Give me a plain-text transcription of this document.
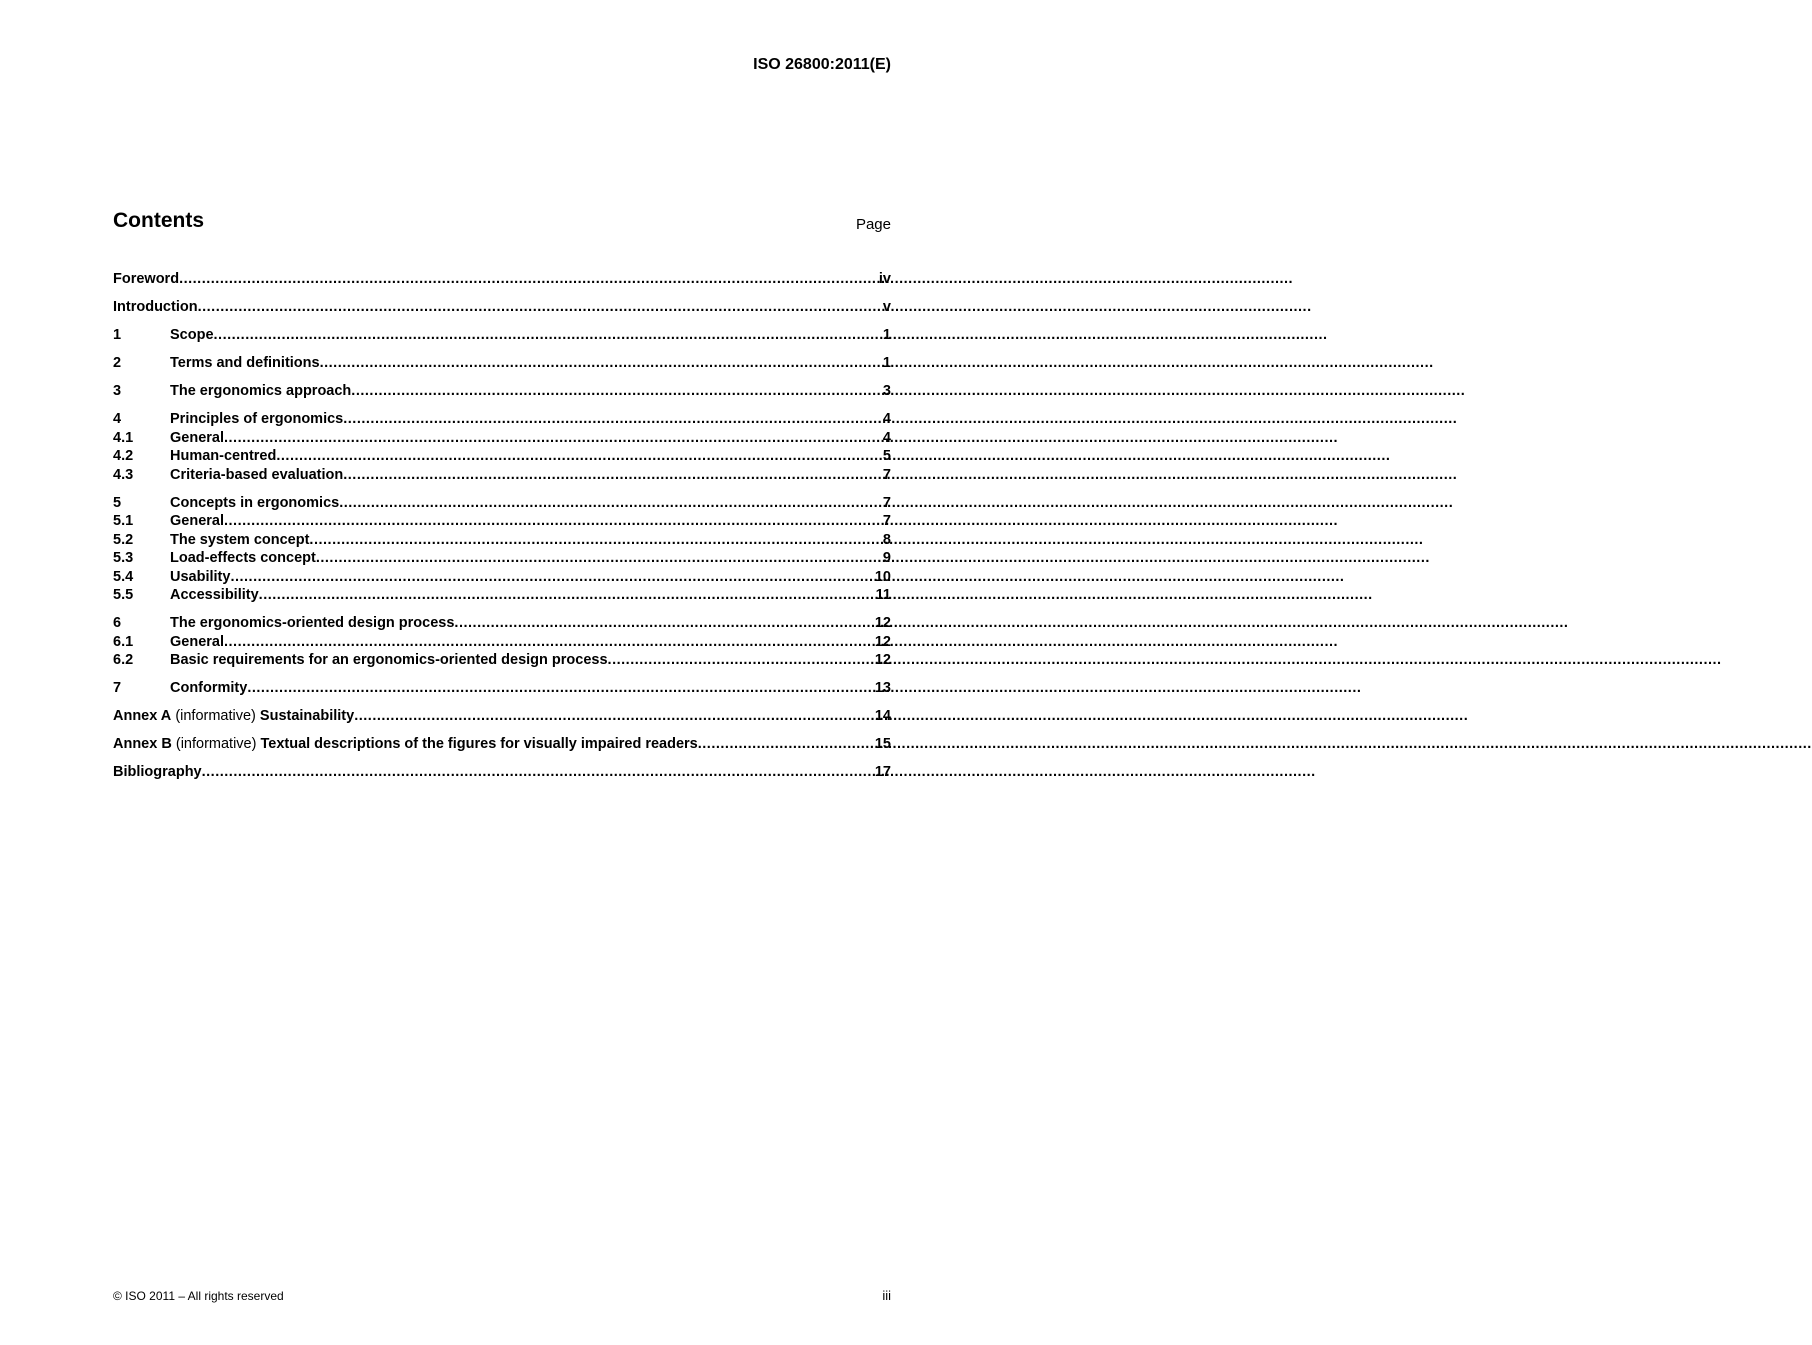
ISO 26800:2011(E)
Contents	Page
Foreword .....	iv
Introduction .....	v
1	Scope .....	1
2	Terms and definitions .....	1
3	The ergonomics approach .....	3
4	Principles of ergonomics .....	4
4.1	General .....	4
4.2	Human-centred .....	5
4.3	Criteria-based evaluation .....	7
5	Concepts in ergonomics .....	7
5.1	General .....	7
5.2	The system concept .....	8
5.3	Load-effects concept .....	9
5.4	Usability .....	10
5.5	Accessibility .....	11
6	The ergonomics-oriented design process .....	12
6.1	General .....	12
6.2	Basic requirements for an ergonomics-oriented design process .....	12
7	Conformity .....	13
Annex A (informative) Sustainability .....	14
Annex B (informative) Textual descriptions of the figures for visually impaired readers .....	15
Bibliography .....	17
© ISO 2011 – All rights reserved	iii
